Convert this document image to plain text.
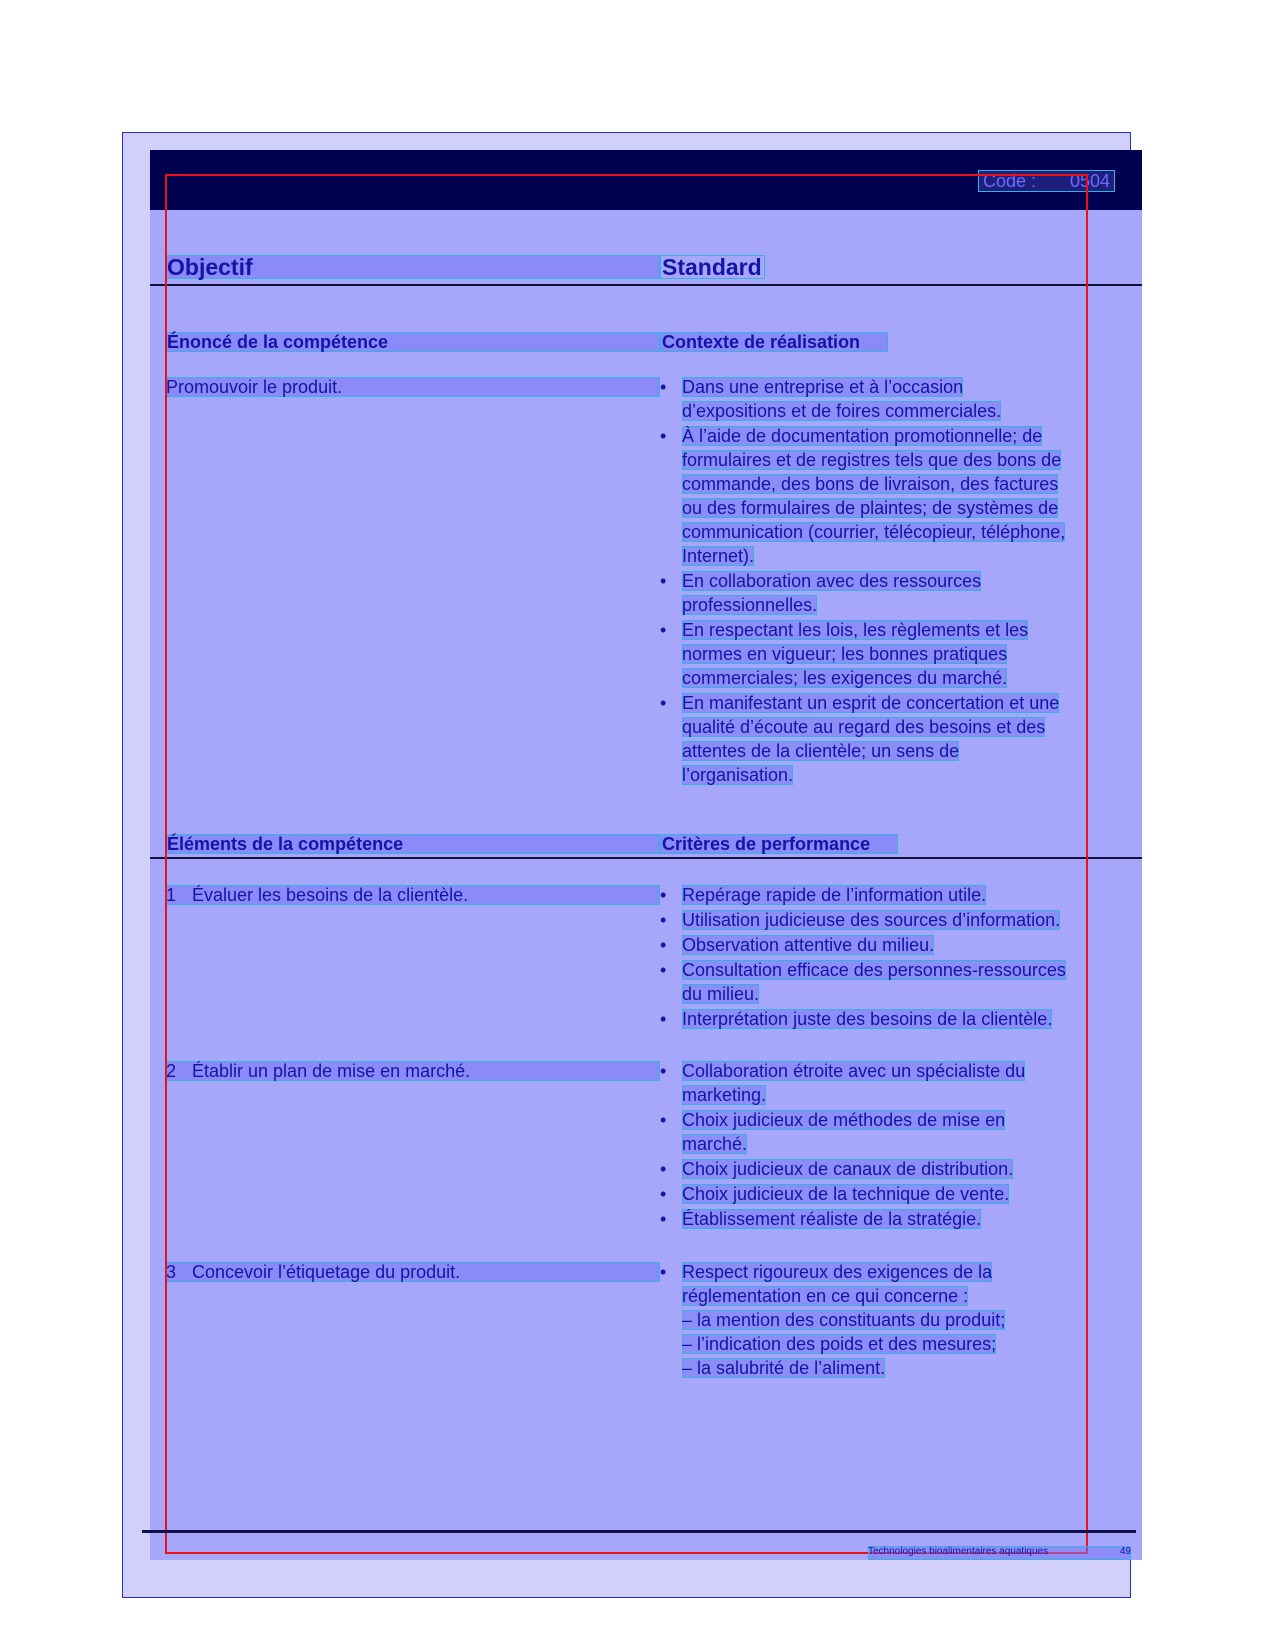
Code : 0504
Objectif	Standard
Énoncé de la compétence	Contexte de réalisation
Promouvoir le produit.	• Dans une entreprise et à l’occasion
d’expositions et de foires commerciales.
• À l’aide de documentation promotionnelle; de
formulaires et de registres tels que des bons de
commande, des bons de livraison, des factures
ou des formulaires de plaintes; de systèmes de
communication (courrier, télécopieur, téléphone,
Internet).
• En collaboration avec des ressources
professionnelles.
• En respectant les lois, les règlements et les
normes en vigueur; les bonnes pratiques
commerciales; les exigences du marché.
• En manifestant un esprit de concertation et une
qualité d’écoute au regard des besoins et des
attentes de la clientèle; un sens de
l’organisation.
Éléments de la compétence	Critères de performance
1 Évaluer les besoins de la clientèle.	• Repérage rapide de l’information utile.
• Utilisation judicieuse des sources d’information.
• Observation attentive du milieu.
• Consultation efficace des personnes-ressources
du milieu.
• Interprétation juste des besoins de la clientèle.
2 Établir un plan de mise en marché.	• Collaboration étroite avec un spécialiste du
marketing.
• Choix judicieux de méthodes de mise en
marché.
• Choix judicieux de canaux de distribution.
• Choix judicieux de la technique de vente.
• Établissement réaliste de la stratégie.
3 Concevoir l’étiquetage du produit.	• Respect rigoureux des exigences de la
réglementation en ce qui concerne :
– la mention des constituants du produit;
– l’indication des poids et des mesures;
– la salubrité de l’aliment.
Technologies bioalimentaires aquatiques	49
